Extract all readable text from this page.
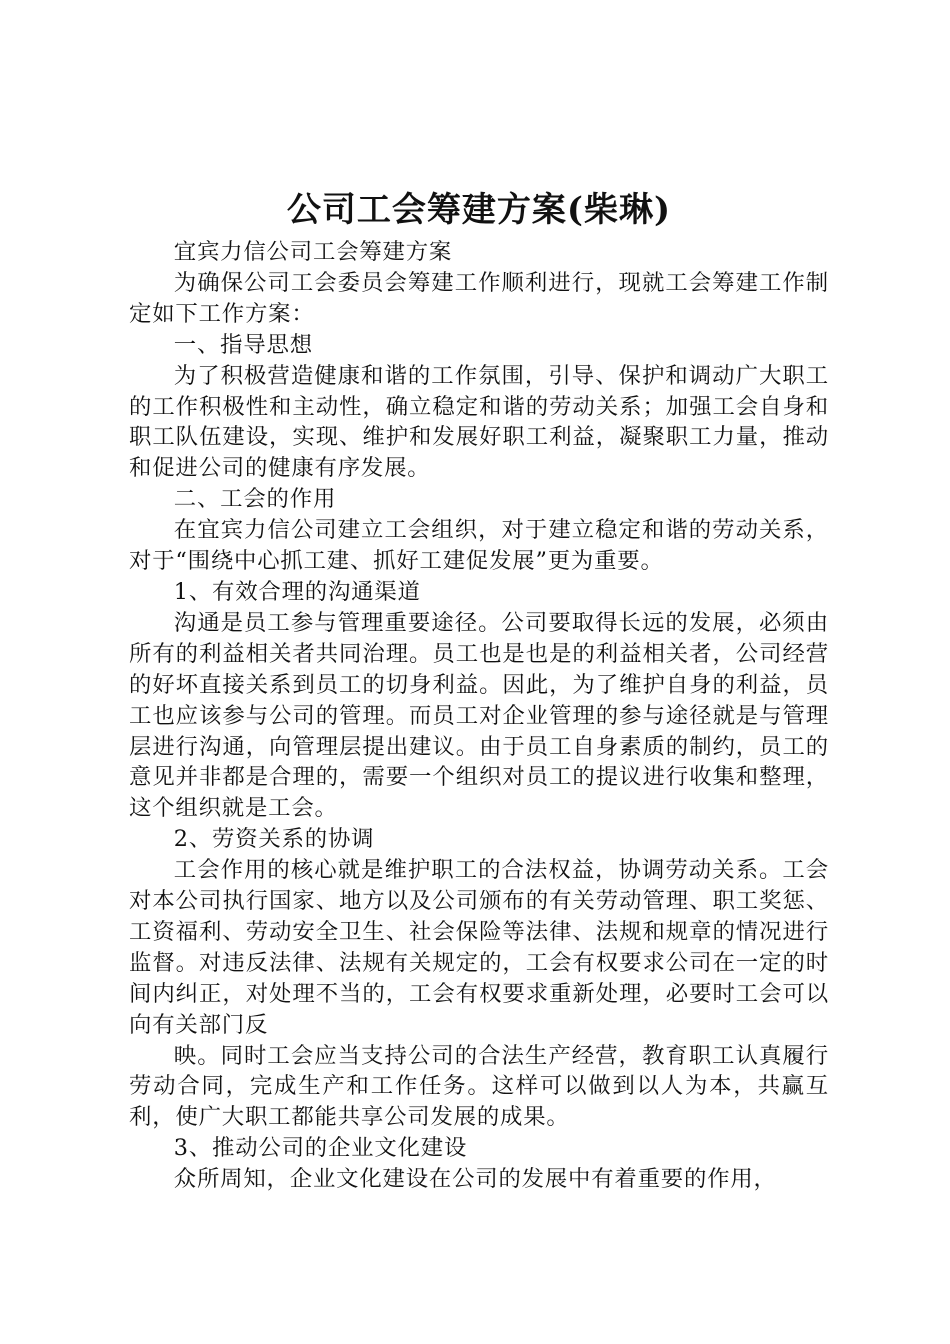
公司工会筹建方案(柴琳)

宜宾力信公司工会筹建方案

为确保公司工会委员会筹建工作顺利进行，现就工会筹建工作制定如下工作方案：

一、指导思想

为了积极营造健康和谐的工作氛围，引导、保护和调动广大职工的工作积极性和主动性，确立稳定和谐的劳动关系；加强工会自身和职工队伍建设，实现、维护和发展好职工利益，凝聚职工力量，推动和促进公司的健康有序发展。

二、工会的作用

在宜宾力信公司建立工会组织，对于建立稳定和谐的劳动关系，对于“围绕中心抓工建、抓好工建促发展”更为重要。

1、有效合理的沟通渠道

沟通是员工参与管理重要途径。公司要取得长远的发展，必须由所有的利益相关者共同治理。员工也是也是的利益相关者，公司经营的好坏直接关系到员工的切身利益。因此，为了维护自身的利益，员工也应该参与公司的管理。而员工对企业管理的参与途径就是与管理层进行沟通，向管理层提出建议。由于员工自身素质的制约，员工的意见并非都是合理的，需要一个组织对员工的提议进行收集和整理，这个组织就是工会。

2、劳资关系的协调

工会作用的核心就是维护职工的合法权益，协调劳动关系。工会对本公司执行国家、地方以及公司颁布的有关劳动管理、职工奖惩、工资福利、劳动安全卫生、社会保险等法律、法规和规章的情况进行监督。对违反法律、法规有关规定的，工会有权要求公司在一定的时间内纠正，对处理不当的，工会有权要求重新处理，必要时工会可以向有关部门反

映。同时工会应当支持公司的合法生产经营，教育职工认真履行劳动合同，完成生产和工作任务。这样可以做到以人为本，共赢互利，使广大职工都能共享公司发展的成果。

3、推动公司的企业文化建设

众所周知，企业文化建设在公司的发展中有着重要的作用，
